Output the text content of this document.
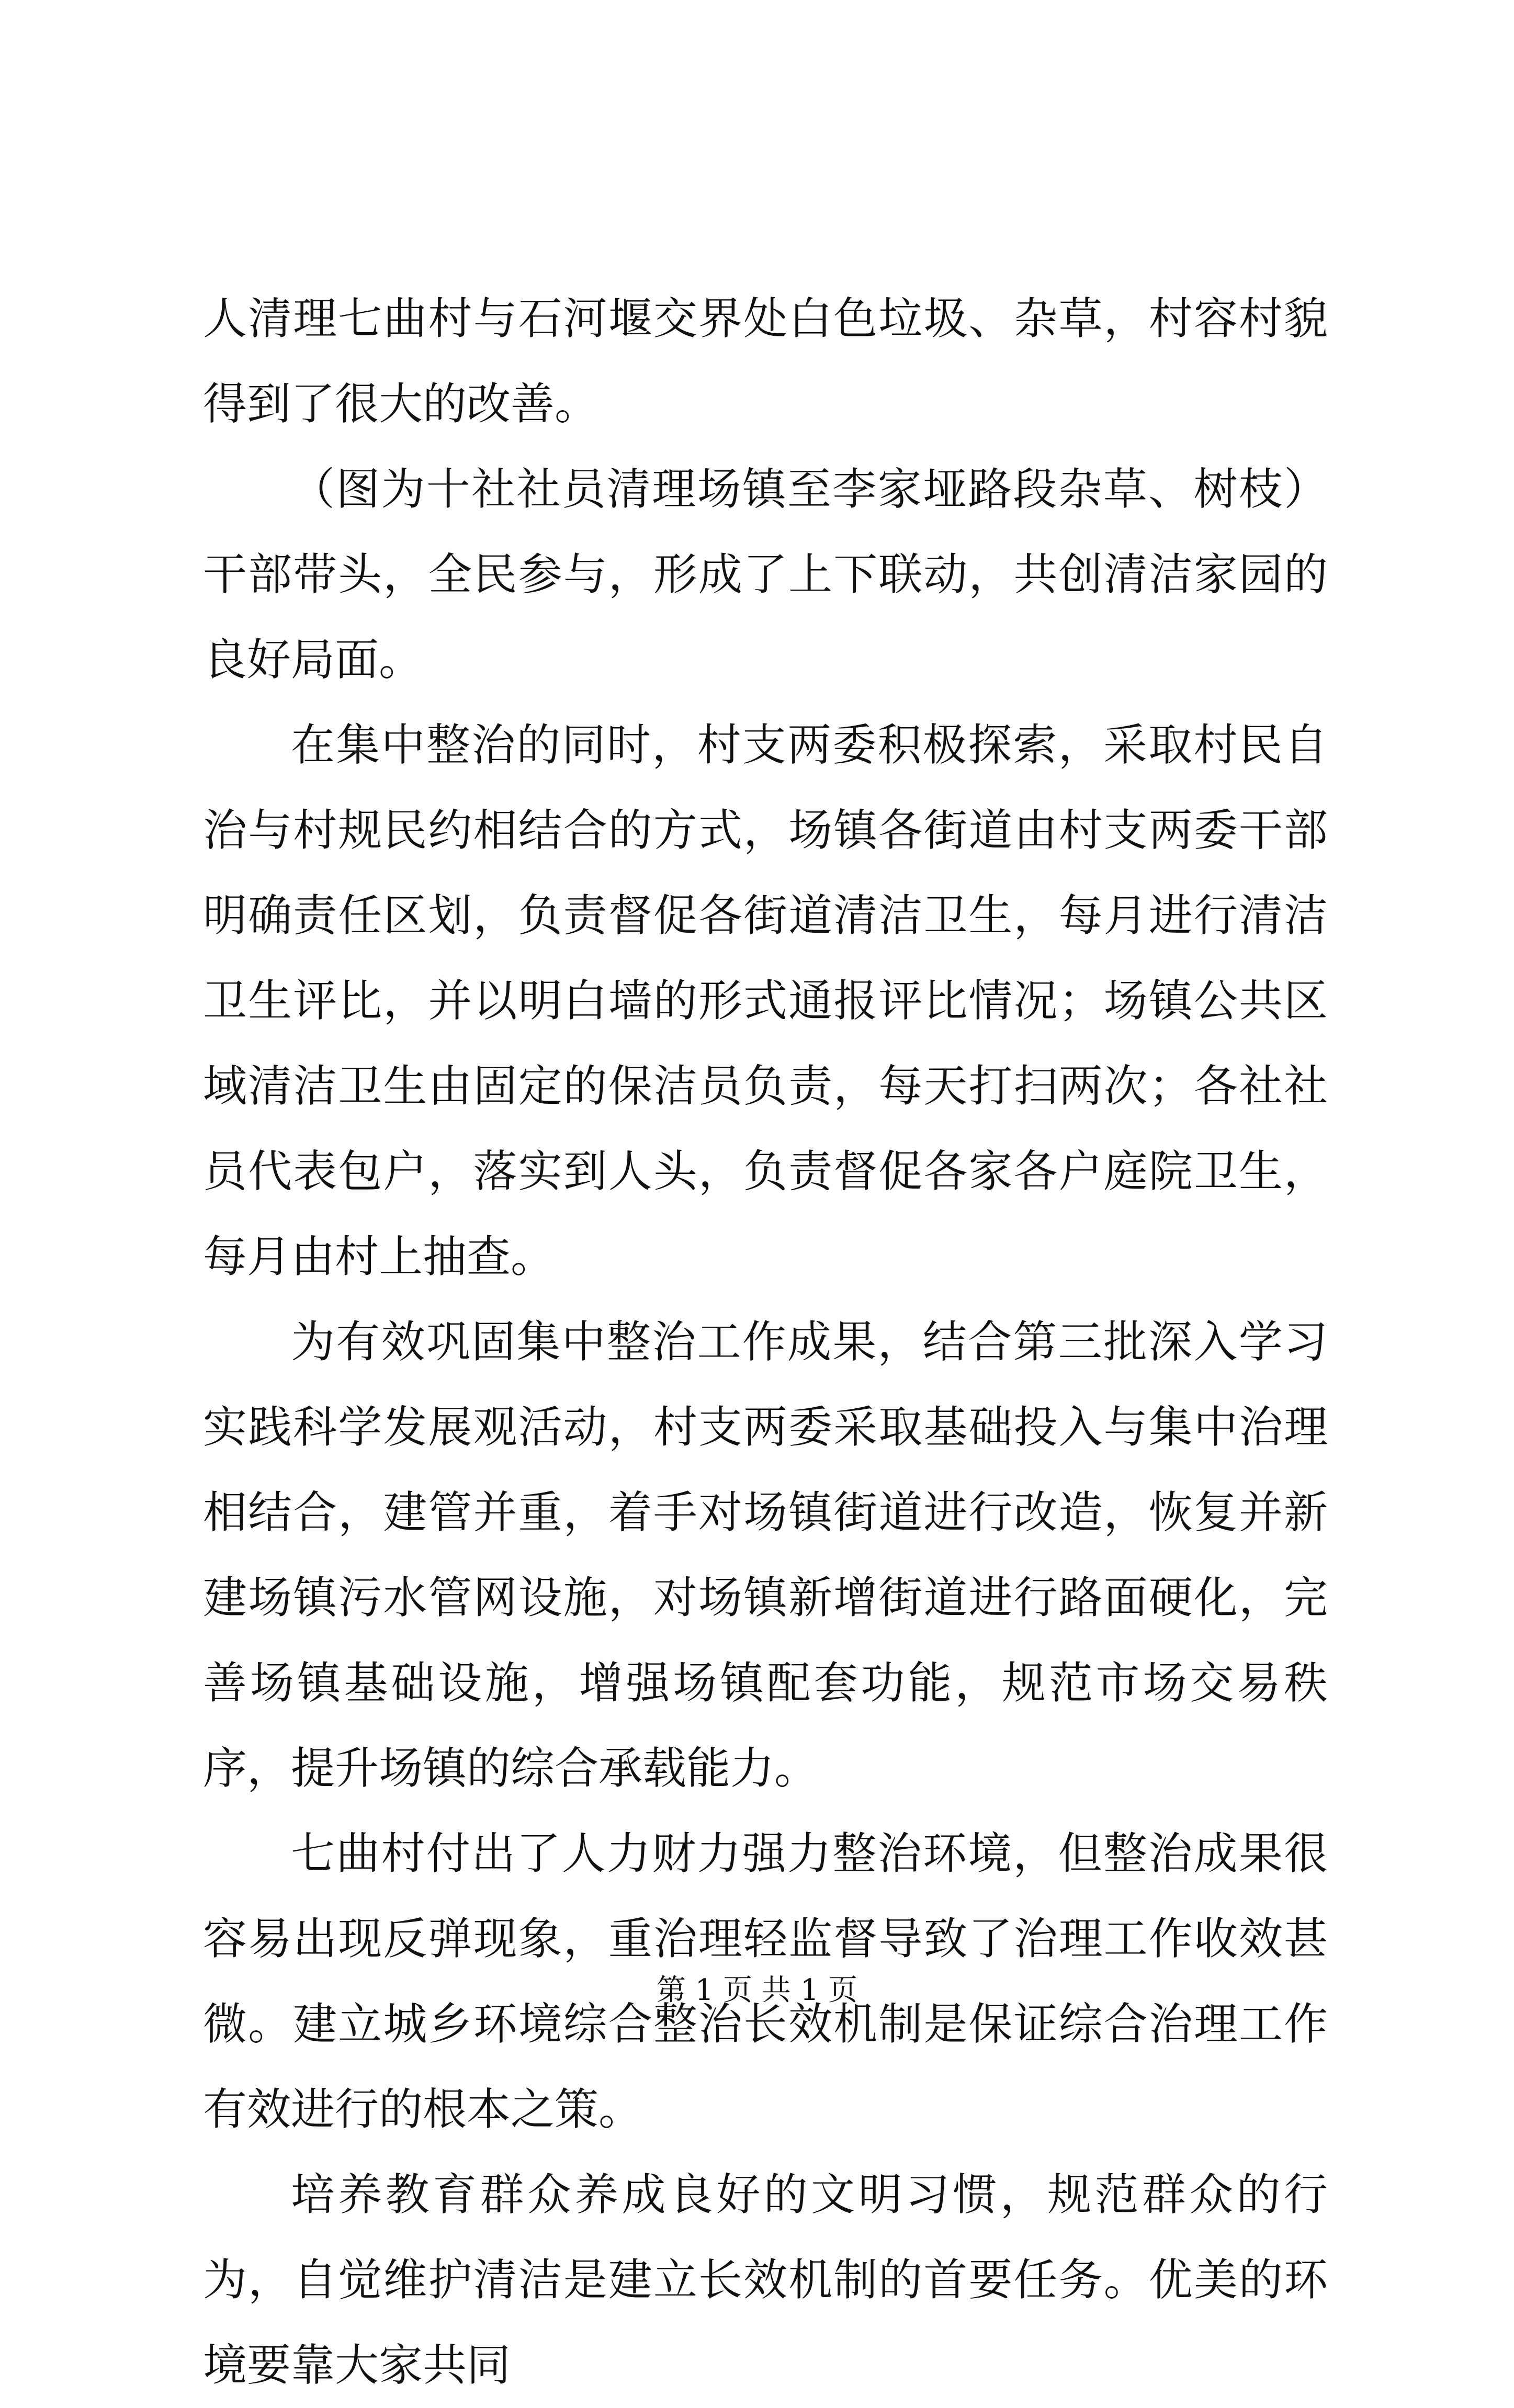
人清理七曲村与石河堰交界处白色垃圾、杂草，村容村貌得到了很大的改善。

（图为十社社员清理场镇至李家垭路段杂草、树枝）干部带头，全民参与，形成了上下联动，共创清洁家园的良好局面。

在集中整治的同时，村支两委积极探索，采取村民自治与村规民约相结合的方式，场镇各街道由村支两委干部明确责任区划，负责督促各街道清洁卫生，每月进行清洁卫生评比，并以明白墙的形式通报评比情况；场镇公共区域清洁卫生由固定的保洁员负责，每天打扫两次；各社社员代表包户，落实到人头，负责督促各家各户庭院卫生，每月由村上抽查。

为有效巩固集中整治工作成果，结合第三批深入学习实践科学发展观活动，村支两委采取基础投入与集中治理相结合，建管并重，着手对场镇街道进行改造，恢复并新建场镇污水管网设施，对场镇新增街道进行路面硬化，完善场镇基础设施，增强场镇配套功能，规范市场交易秩序，提升场镇的综合承载能力。

七曲村付出了人力财力强力整治环境，但整治成果很容易出现反弹现象，重治理轻监督导致了治理工作收效甚微。建立城乡环境综合整治长效机制是保证综合治理工作有效进行的根本之策。

培养教育群众养成良好的文明习惯，规范群众的行为，自觉维护清洁是建立长效机制的首要任务。优美的环境要靠大家共同

第 1 页 共 1 页
